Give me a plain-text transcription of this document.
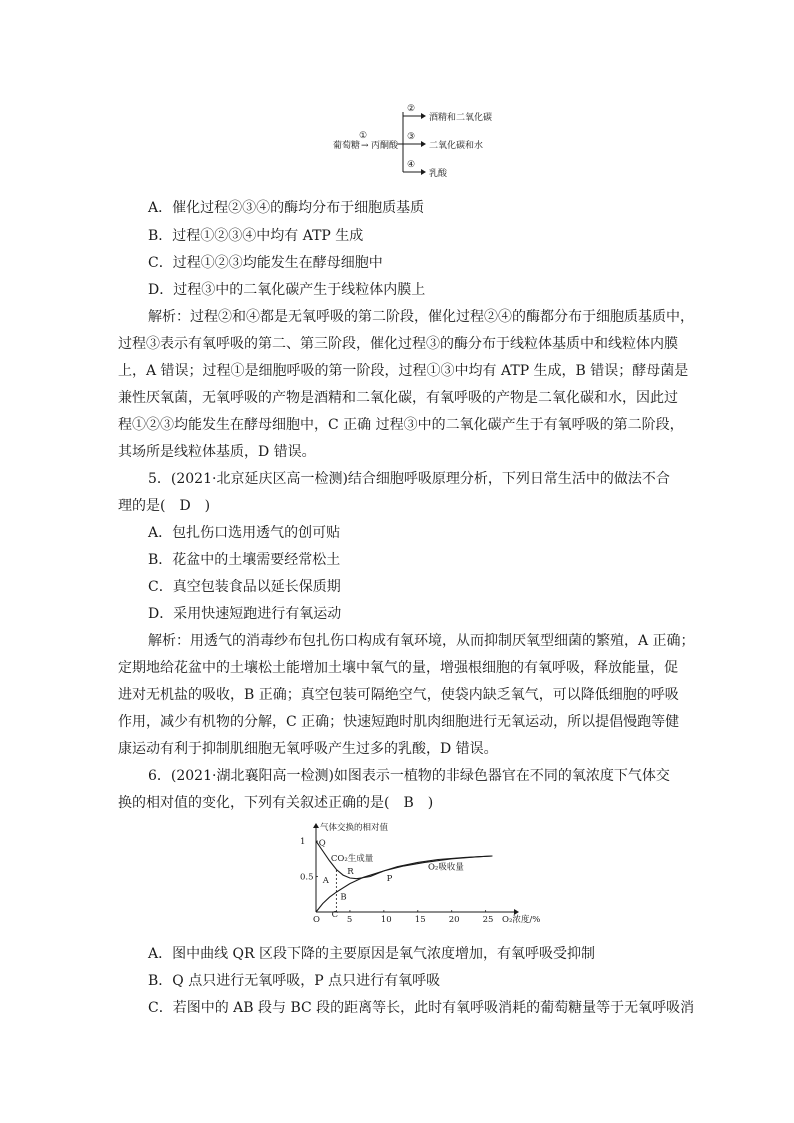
葡萄糖 →
①
丙酮酸
②
③
④
酒精和二氧化碳
二氧化碳和水
乳酸
A．催化过程②③④的酶均分布于细胞质基质
B．过程①②③④中均有 ATP 生成
C．过程①②③均能发生在酵母细胞中
D．过程③中的二氧化碳产生于线粒体内膜上
解析：过程②和④都是无氧呼吸的第二阶段，催化过程②④的酶都分布于细胞质基质中，
过程③表示有氧呼吸的第二、第三阶段，催化过程③的酶分布于线粒体基质中和线粒体内膜
上，A 错误；过程①是细胞呼吸的第一阶段，过程①③中均有 ATP 生成，B 错误；酵母菌是
兼性厌氧菌，无氧呼吸的产物是酒精和二氧化碳，有氧呼吸的产物是二氧化碳和水，因此过
程①②③均能发生在酵母细胞中，C 正确 过程③中的二氧化碳产生于有氧呼吸的第二阶段，
其场所是线粒体基质，D 错误。
5．(2021·北京延庆区高一检测)结合细胞呼吸原理分析，下列日常生活中的做法不合
理的是(　D　)
A．包扎伤口选用透气的创可贴
B．花盆中的土壤需要经常松土
C．真空包装食品以延长保质期
D．采用快速短跑进行有氧运动
解析：用透气的消毒纱布包扎伤口构成有氧环境，从而抑制厌氧型细菌的繁殖，A 正确；
定期地给花盆中的土壤松土能增加土壤中氧气的量，增强根细胞的有氧呼吸，释放能量，促
进对无机盐的吸收，B 正确；真空包装可隔绝空气，使袋内缺乏氧气，可以降低细胞的呼吸
作用，减少有机物的分解，C 正确；快速短跑时肌肉细胞进行无氧运动，所以提倡慢跑等健
康运动有利于抑制肌细胞无氧呼吸产生过多的乳酸，D 错误。
6．(2021·湖北襄阳高一检测)如图表示一植物的非绿色器官在不同的氧浓度下气体交
换的相对值的变化，下列有关叙述正确的是(　B　)
O	5	10	15	20	25
0.5
1
气体交换的相对值
O₂浓度/%
CO₂生成量
O₂吸收量
Q
R
A
B
C
P
A．图中曲线 QR 区段下降的主要原因是氧气浓度增加，有氧呼吸受抑制
B．Q 点只进行无氧呼吸，P 点只进行有氧呼吸
C．若图中的 AB 段与 BC 段的距离等长，此时有氧呼吸消耗的葡萄糖量等于无氧呼吸消
